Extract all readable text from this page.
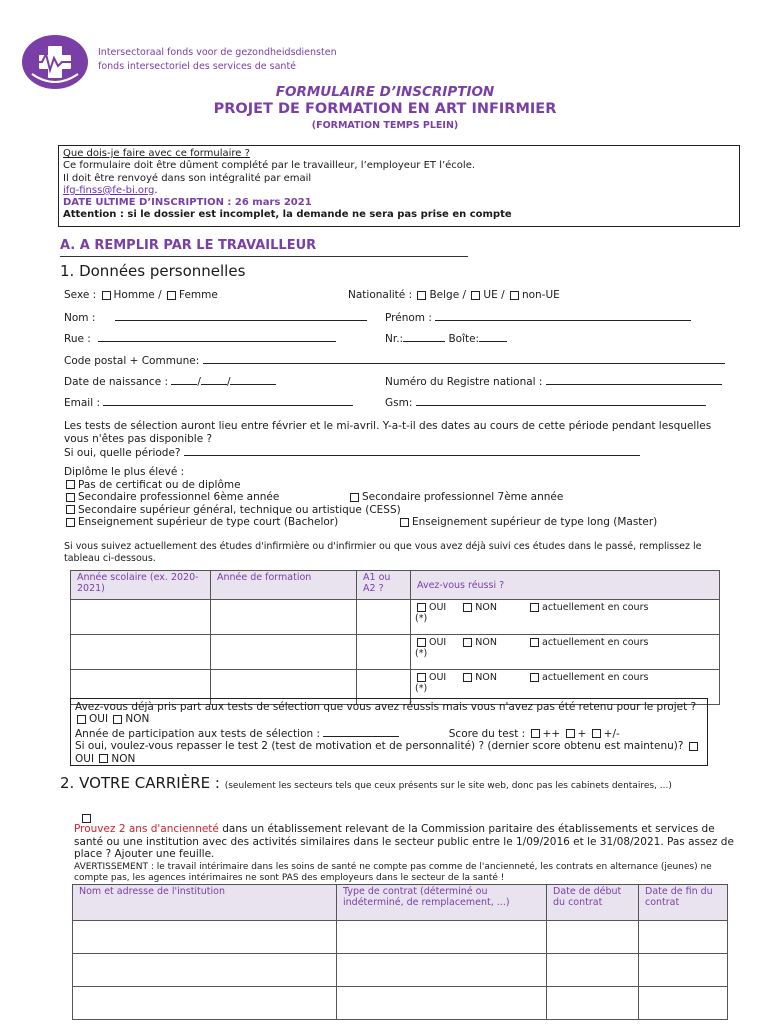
Intersectoraal fonds voor de gezondheidsdiensten
fonds intersectoriel des services de santé
FORMULAIRE D’INSCRIPTION
PROJET DE FORMATION EN ART INFIRMIER
(FORMATION TEMPS PLEIN)
Que dois-je faire avec ce formulaire ?
Ce formulaire doit être dûment complété par le travailleur, l’employeur ET l’école.
Il doit être renvoyé dans son intégralité par email
ifg-finss@fe-bi.org.
DATE ULTIME D’INSCRIPTION : 26 mars 2021
Attention : si le dossier est incomplet, la demande ne sera pas prise en compte
A. A REMPLIR PAR LE TRAVAILLEUR
1. Données personnelles
Sexe : Homme / Femme	Nationalité : Belge / UE / non-UE
Nom :	Prénom :
Rue :	Nr.:	Boîte:
Code postal + Commune:
Date de naissance :	/ /	Numéro du Registre national :
Email :	Gsm:
Les tests de sélection auront lieu entre février et le mi-avril. Y-a-t-il des dates au cours de cette période pendant lesquelles vous n'êtes pas disponible ?
Si oui, quelle période?
Diplôme le plus élevé :
Pas de certificat ou de diplôme
Secondaire professionnel 6ème année	Secondaire professionnel 7ème année
Secondaire supérieur général, technique ou artistique (CESS)
Enseignement supérieur de type court (Bachelor)	Enseignement supérieur de type long (Master)
Si vous suivez actuellement des études d'infirmière ou d'infirmier ou que vous avez déjà suivi ces études dans le passé, remplissez le tableau ci-dessous.
Année scolaire (ex. 2020-2021)	Année de formation	A1 ou A2 ?	Avez-vous réussi ?
			OUI NON actuellement en cours
(*)

			OUI NON actuellement en cours
(*)

			OUI NON actuellement en cours
(*)
Avez-vous déjà pris part aux tests de sélection que vous avez réussis mais vous n'avez pas été retenu pour le projet ? OUI NON
Année de participation aux tests de sélection :	Score du test : ++ + +/-
Si oui, voulez-vous repasser le test 2 (test de motivation et de personnalité) ? (dernier score obtenu est maintenu)? OUI NON
2. VOTRE CARRIÈRE : (seulement les secteurs tels que ceux présents sur le site web, donc pas les cabinets dentaires, ...)
Prouvez 2 ans d'ancienneté dans un établissement relevant de la Commission paritaire des établissements et services de santé ou une institution avec des activités similaires dans le secteur public entre le 1/09/2016 et le 31/08/2021. Pas assez de place ? Ajouter une feuille.
AVERTISSEMENT : le travail intérimaire dans les soins de santé ne compte pas comme de l'ancienneté, les contrats en alternance (jeunes) ne compte pas, les agences intérimaires ne sont PAS des employeurs dans le secteur de la santé !
Nom et adresse de l'institution	Type de contrat (déterminé ou indéterminé, de remplacement, ...)	Date de début du contrat	Date de fin du contrat
